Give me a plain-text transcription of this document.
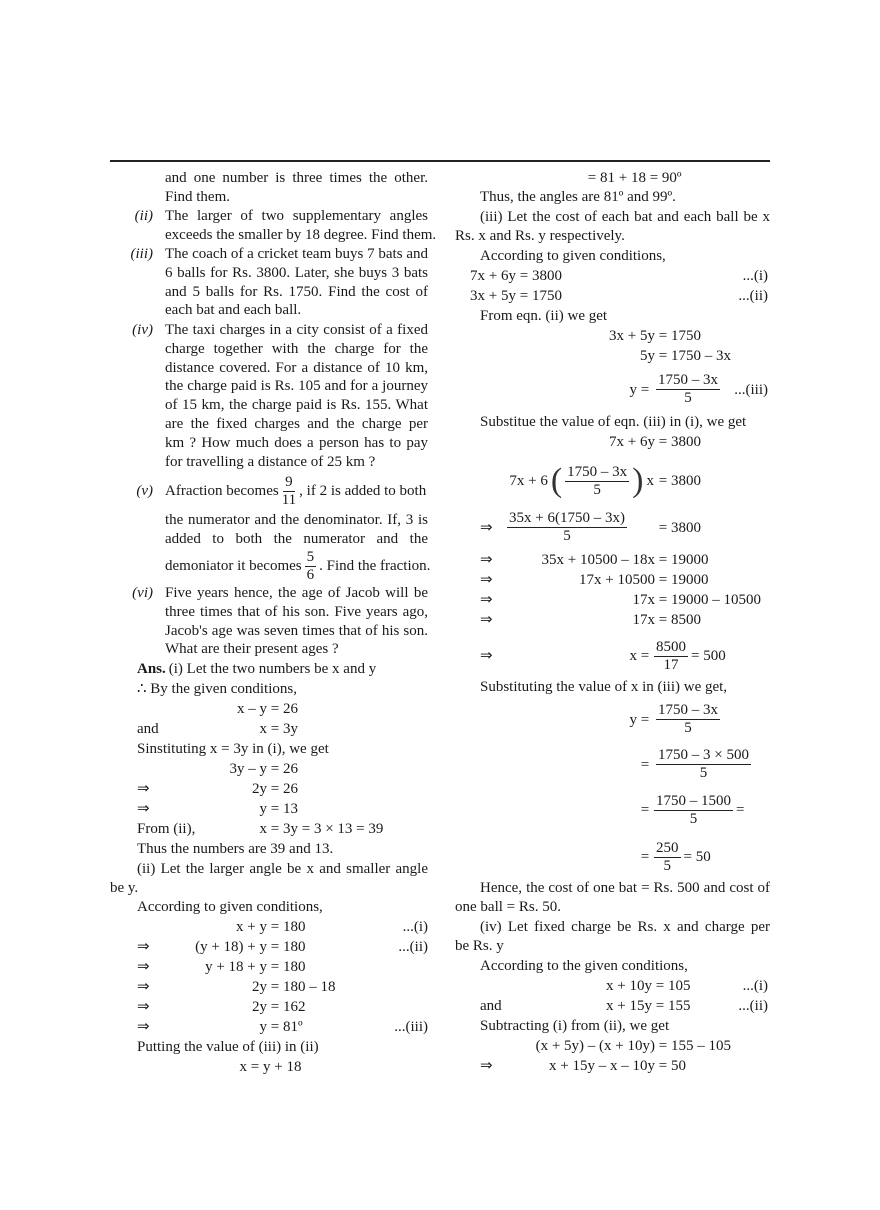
and one number is three times the other.
Find them.
(ii) The larger of two supplementary angles
exceeds the smaller by 18 degree. Find them.
(iii) The coach of a cricket team buys 7 bats and
6 balls for Rs. 3800. Later, she buys 3 bats
and 5 balls for Rs. 1750. Find the cost of
each bat and each ball.
(iv) The taxi charges in a city consist of a fixed
charge together with the charge for the
distance covered. For a distance of 10 km,
the charge paid is Rs. 105 and for a journey
of 15 km, the charge paid is Rs. 155. What
are the fixed charges and the charge per
km ? How much does a person has to pay
for travelling a distance of 25 km ?
(v) Afraction becomes $\frac{9}{11}$ , if 2 is added to both
the numerator and the denominator. If, 3 is
added to both the numerator and the
demoniator it becomes $\frac{5}{6}$ . Find the fraction.
(vi) Five years hence, the age of Jacob will be
three times that of his son. Five years ago,
Jacob's age was seven times that of his son.
What are their present ages ?
Ans. (i) Let the two numbers be x and y
∴ By the given conditions,
x – y = 26
and	x = 3y
Sinstituting x = 3y in (i), we get
3y – y = 26
⇒	2y = 26
⇒	y = 13
From (ii),	x = 3y = 3 × 13 = 39
Thus the numbers are 39 and 13.
(ii) Let the larger angle be x and smaller angle
be y.
According to given conditions,
x + y = 180	...(i)
⇒	(y + 18) + y = 180	...(ii)
⇒	y + 18 + y = 180
⇒	2y = 180 – 18
⇒	2y = 162
⇒	y = 81º	...(iii)
Putting the value of (iii) in (ii)
x = y + 18
= 81 + 18 = 90º
Thus, the angles are 81º and 99º.
(iii) Let the cost of each bat and each ball be x
Rs. x and Rs. y respectively.
According to given conditions,
7x + 6y = 3800	...(i)
3x + 5y = 1750	...(ii)
From eqn. (ii) we get
3x + 5y = 1750
5y = 1750 – 3x
y =	...(iii)
$\frac{1750 - 3x}{5}$
Substitue the value of eqn. (iii) in (i), we get
7x + 6y = 3800
7x + 6 ( $\frac{1750 - 3x}{5}$ ) x = 3800
⇒	= 3800
$\frac{35x + 6(1750 - 3x)}{5}$
⇒	35x + 10500 – 18x = 19000
⇒	17x + 10500 = 19000
⇒	17x = 19000 – 10500
⇒	17x = 8500
⇒	$x = \frac{8500}{17} = 500$
Substituting the value of x in (iii) we get,
$y = \frac{1750 - 3x}{5}$
= $\frac{1750 - 3 \times 500}{5}$
= $\frac{1750 - 1500}{5}$ =
= $\frac{250}{5} = 50$
Hence, the cost of one bat = Rs. 500 and cost of
one ball = Rs. 50.
(iv) Let fixed charge be Rs. x and charge per
be Rs. y
According to the given conditions,
x + 10y = 105	...(i)
and	x + 15y = 155	...(ii)
Subtracting (i) from (ii), we get
(x + 5y) – (x + 10y) = 155 – 105
⇒	x + 15y – x – 10y = 50
